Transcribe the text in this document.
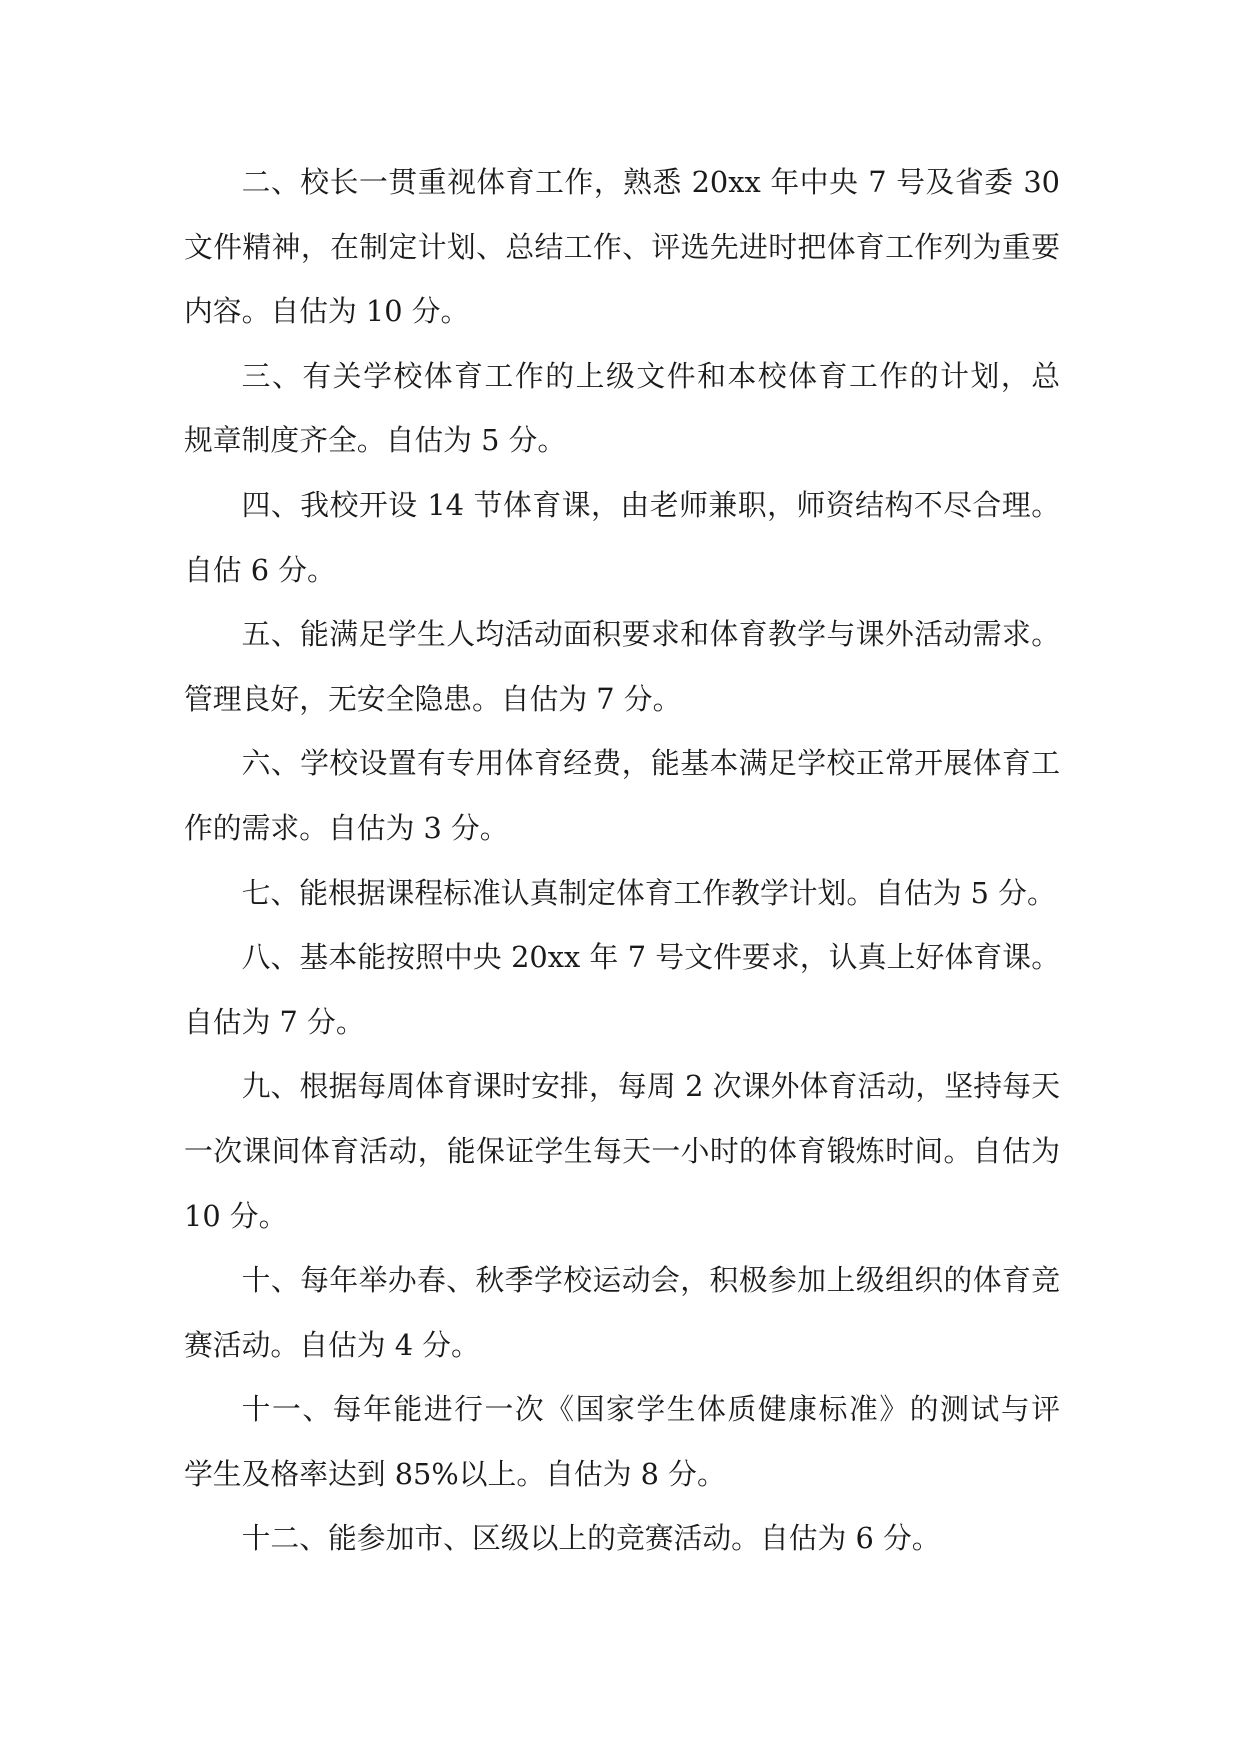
二、校长一贯重视体育工作，熟悉 20xx 年中央 7 号及省委 30
文件精神，在制定计划、总结工作、评选先进时把体育工作列为重要
内容。自估为 10 分。
三、有关学校体育工作的上级文件和本校体育工作的计划，总
规章制度齐全。自估为 5 分。
四、我校开设 14 节体育课，由老师兼职，师资结构不尽合理。
自估 6 分。
五、能满足学生人均活动面积要求和体育教学与课外活动需求。
管理良好，无安全隐患。自估为 7 分。
六、学校设置有专用体育经费，能基本满足学校正常开展体育工
作的需求。自估为 3 分。
七、能根据课程标准认真制定体育工作教学计划。自估为 5 分。
八、基本能按照中央 20xx 年 7 号文件要求，认真上好体育课。
自估为 7 分。
九、根据每周体育课时安排，每周 2 次课外体育活动，坚持每天
一次课间体育活动，能保证学生每天一小时的体育锻炼时间。自估为
10 分。
十、每年举办春、秋季学校运动会，积极参加上级组织的体育竞
赛活动。自估为 4 分。
十一、每年能进行一次《国家学生体质健康标准》的测试与评
学生及格率达到 85%以上。自估为 8 分。
十二、能参加市、区级以上的竞赛活动。自估为 6 分。
